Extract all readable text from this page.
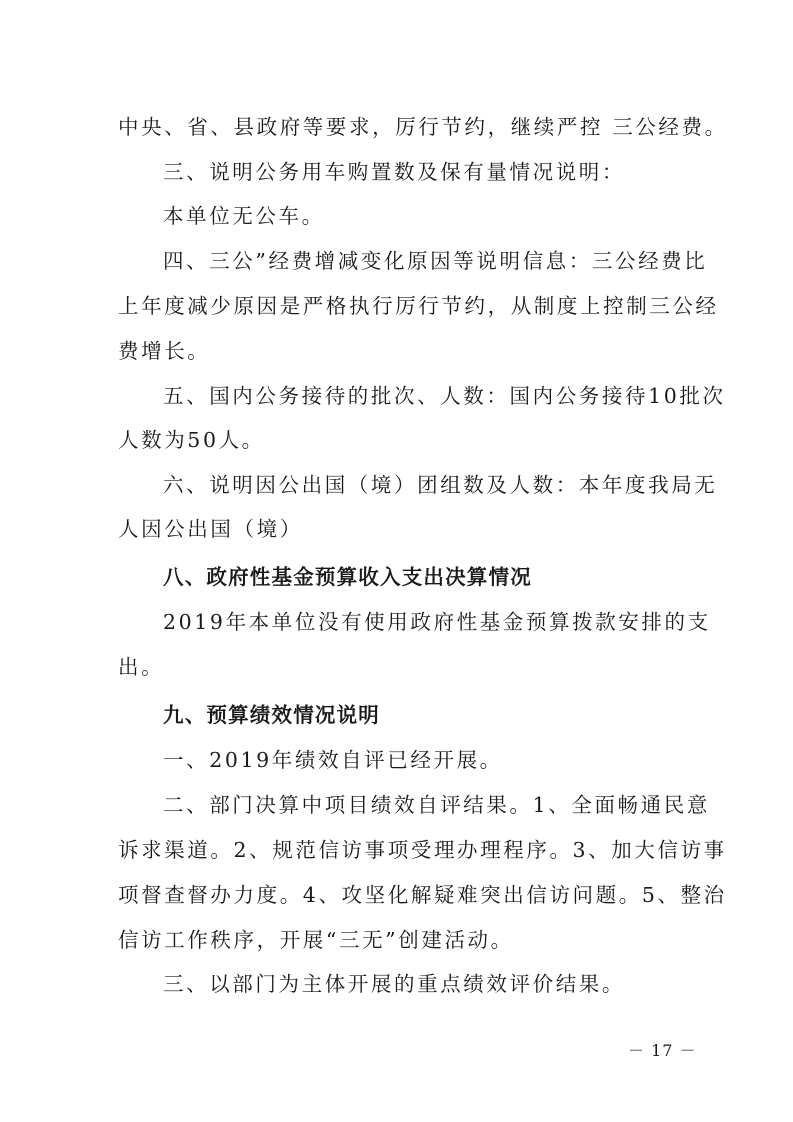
中央、省、县政府等要求，厉行节约，继续严控 三公经费。
三、说明公务用车购置数及保有量情况说明：
本单位无公车。
四、三公”经费增减变化原因等说明信息：三公经费比
上年度减少原因是严格执行厉行节约，从制度上控制三公经
费增长。
五、国内公务接待的批次、人数：国内公务接待10批次
人数为50人。
六、说明因公出国（境）团组数及人数：本年度我局无
人因公出国（境）
八、政府性基金预算收入支出决算情况
2019年本单位没有使用政府性基金预算拨款安排的支
出。
九、预算绩效情况说明
一、2019年绩效自评已经开展。
二、部门决算中项目绩效自评结果。1、全面畅通民意
诉求渠道。2、规范信访事项受理办理程序。3、加大信访事
项督查督办力度。4、攻坚化解疑难突出信访问题。5、整治
信访工作秩序，开展“三无”创建活动。
三、以部门为主体开展的重点绩效评价结果。
－ 17 －
